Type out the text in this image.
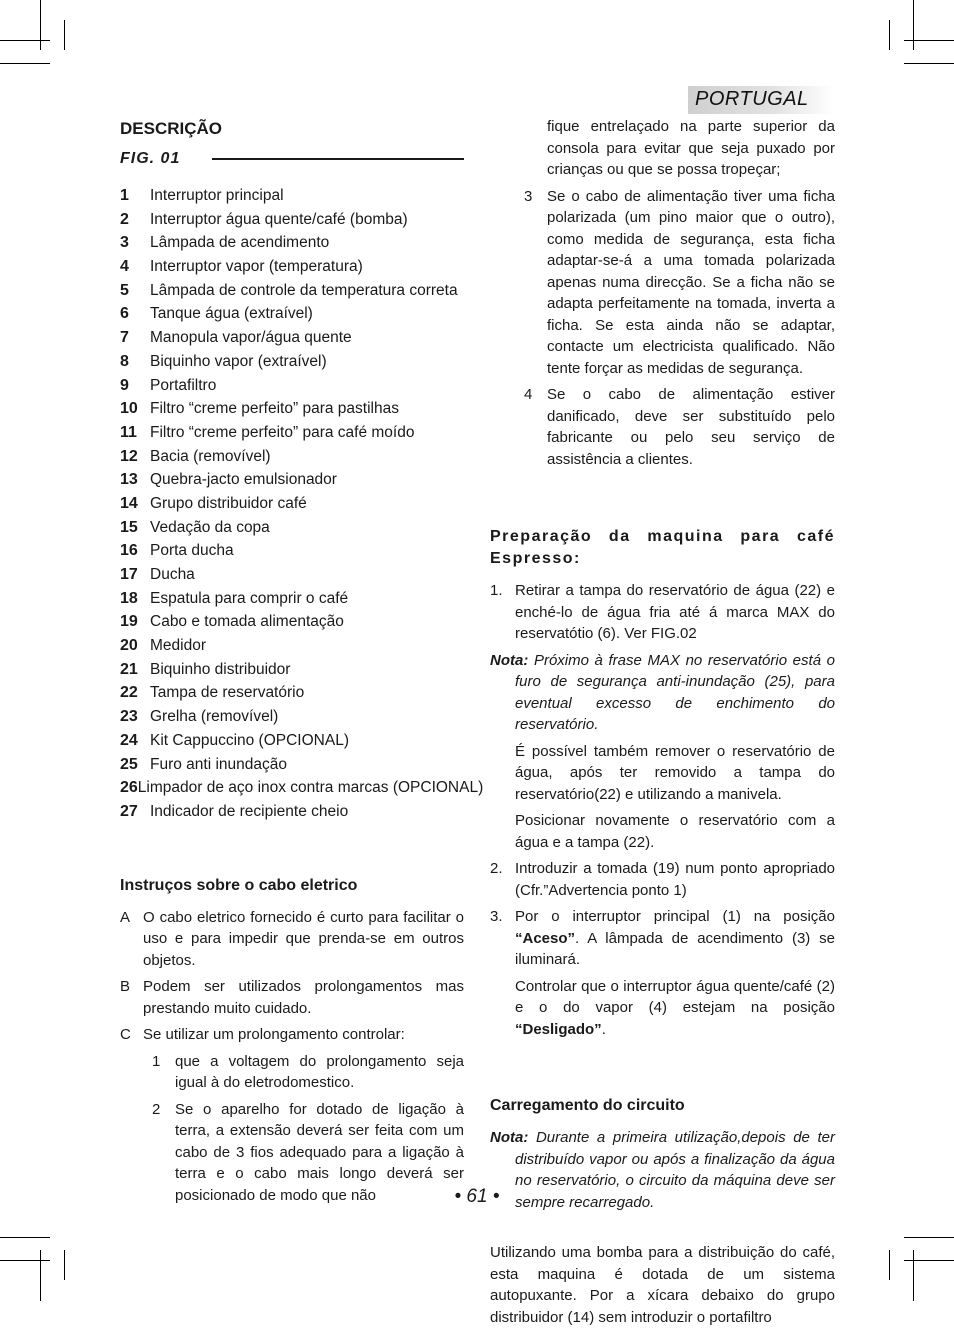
PORTUGAL
DESCRIÇÃO
FIG. 01
1	Interruptor principal
2	Interruptor água quente/café (bomba)
3	Lâmpada de acendimento
4	Interruptor vapor (temperatura)
5	Lâmpada de controle da temperatura correta
6	Tanque água (extraível)
7	Manopula vapor/água quente
8	Biquinho vapor (extraível)
9	Portafiltro
10 Filtro “creme perfeito” para pastilhas
11 Filtro “creme perfeito” para café moído
12 Bacia (removível)
13 Quebra-jacto emulsionador
14 Grupo distribuidor café
15 Vedação da copa
16 Porta ducha
17 Ducha
18 Espatula para comprir o café
19 Cabo e tomada alimentação
20 Medidor
21 Biquinho distribuidor
22 Tampa de reservatório
23 Grelha (removível)
24 Kit Cappuccino (OPCIONAL)
25 Furo anti inundação
26 Limpador de aço inox contra marcas (OPCIONAL)
27 Indicador de recipiente cheio
Instruços sobre o cabo eletrico

A O cabo eletrico fornecido é curto para facilitar o uso e para impedir que prenda-se em outros objetos.

B Podem ser utilizados prolongamentos mas prestando muito cuidado.

C Se utilizar um prolongamento controlar:

1 que a voltagem do prolongamento seja igual à do eletrodomestico.

2 Se o aparelho for dotado de ligação à terra, a extensão deverá ser feita com um cabo de 3 fios adequado para a ligação à terra e o cabo mais longo deverá ser posicionado de modo que não

fique entrelaçado na parte superior da consola para evitar que seja puxado por crianças ou que se possa tropeçar;

3 Se o cabo de alimentação tiver uma ficha polarizada (um pino maior que o outro), como medida de segurança, esta ficha adaptar-se-á a uma tomada polarizada apenas numa direcção. Se a ficha não se adapta perfeitamente na tomada, inverta a ficha. Se esta ainda não se adaptar, contacte um electricista qualificado. Não tente forçar as medidas de segurança.

4 Se o cabo de alimentação estiver danificado, deve ser substituído pelo fabricante ou pelo seu serviço de assistência a clientes.

Preparação da maquina para café Espresso:

1. Retirar a tampa do reservatório de água (22) e enché-lo de água fria até á marca MAX do reservatótio (6). Ver FIG.02

Nota: Próximo à frase MAX no reservatório está o furo de segurança anti-inundação (25), para eventual excesso de enchimento do reservatório.

É possível também remover o reservatório de água, após ter removido a tampa do reservatório(22) e utilizando a manivela.

Posicionar novamente o reservatório com a água e a tampa (22).

2. Introduzir a tomada (19) num ponto apropriado (Cfr.”Advertencia ponto 1)

3. Por o interruptor principal (1) na posição “Aceso”. A lâmpada de acendimento (3) se iluminará.

Controlar que o interruptor água quente/café (2) e o do vapor (4) estejam na posição “Desligado”.

Carregamento do circuito

Nota: Durante a primeira utilização,depois de ter distribuído vapor ou após a finalização da água no reservatório, o circuito da máquina deve ser sempre recarregado.

Utilizando uma bomba para a distribuição do café, esta maquina é dotada de um sistema autopuxante. Por a xícara debaixo do grupo distribuidor (14) sem introduzir o portafiltro

• 61 •
